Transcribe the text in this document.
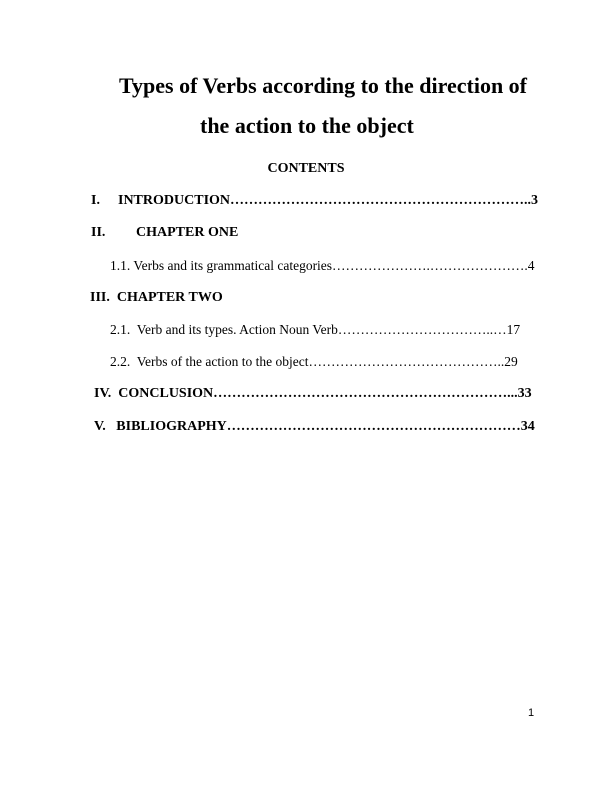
Types of Verbs according to the direction of
the action to the object
CONTENTS
I. INTRODUCTION………………………………………………………..3
II. CHAPTER ONE
1.1. Verbs and its grammatical categories………………….………………….4
III.  CHAPTER TWO
2.1.  Verb and its types. Action Noun Verb……………………………..…17
2.2.  Verbs of the action to the object……………………………………..29
IV.  CONCLUSION………………………………………………………...33
V.   BIBLIOGRAPHY………………………………………………………34
1
